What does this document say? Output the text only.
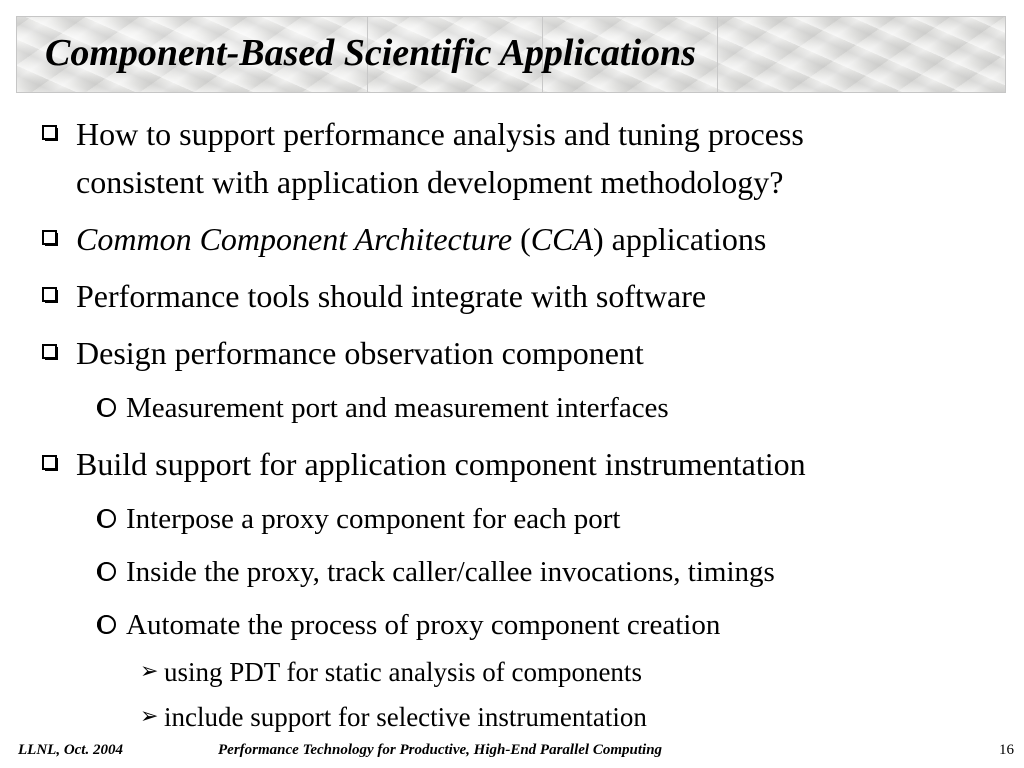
Component-Based Scientific Applications
How to support performance analysis and tuning process
consistent with application development methodology?
Common Component Architecture (CCA) applications
Performance tools should integrate with software
Design performance observation component
Measurement port and measurement interfaces
Build support for application component instrumentation
Interpose a proxy component for each port
Inside the proxy, track caller/callee invocations, timings
Automate the process of proxy component creation
➢ using PDT for static analysis of components
➢ include support for selective instrumentation
LLNL, Oct. 2004	Performance Technology for Productive, High-End Parallel Computing	16
